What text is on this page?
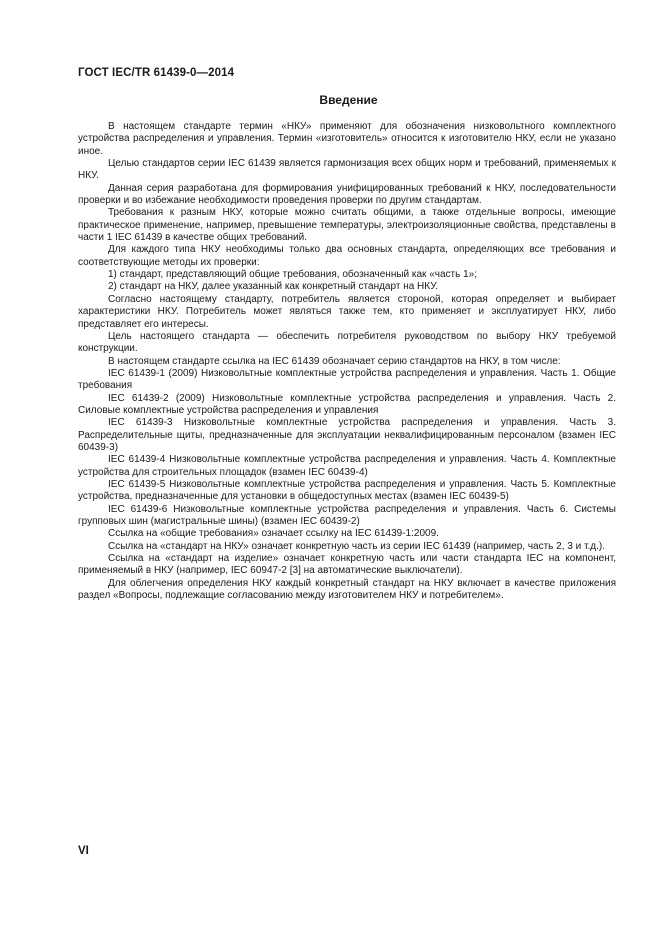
ГОСТ IEC/TR 61439-0—2014
Введение

В настоящем стандарте термин «НКУ» применяют для обозначения низковольтного комплектного устройства распределения и управления. Термин «изготовитель» относится к изготовителю НКУ, если не указано иное.

Целью стандартов серии IEC 61439 является гармонизация всех общих норм и требований, применяемых к НКУ.

Данная серия разработана для формирования унифицированных требований к НКУ, последовательности проверки и во избежание необходимости проведения проверки по другим стандартам.

Требования к разным НКУ, которые можно считать общими, а также отдельные вопросы, имеющие практическое применение, например, превышение температуры, электроизоляционные свойства, представлены в части 1 IEC 61439 в качестве общих требований.

Для каждого типа НКУ необходимы только два основных стандарта, определяющих все требования и соответствующие методы их проверки:

1) стандарт, представляющий общие требования, обозначенный как «часть 1»;

2) стандарт на НКУ, далее указанный как конкретный стандарт на НКУ.

Согласно настоящему стандарту, потребитель является стороной, которая определяет и выбирает характеристики НКУ. Потребитель может являться также тем, кто применяет и эксплуатирует НКУ, либо представляет его интересы.

Цель настоящего стандарта — обеспечить потребителя руководством по выбору НКУ требуемой конструкции.

В настоящем стандарте ссылка на IEC 61439 обозначает серию стандартов на НКУ, в том числе:

IEC 61439-1 (2009) Низковольтные комплектные устройства распределения и управления. Часть 1. Общие требования

IEC 61439-2 (2009) Низковольтные комплектные устройства распределения и управления. Часть 2. Силовые комплектные устройства распределения и управления

IEC 61439-3 Низковольтные комплектные устройства распределения и управления. Часть 3. Распределительные щиты, предназначенные для эксплуатации неквалифицированным персоналом (взамен IEC 60439-3)

IEC 61439-4 Низковольтные комплектные устройства распределения и управления. Часть 4. Комплектные устройства для строительных площадок (взамен IEC 60439-4)

IEC 61439-5 Низковольтные комплектные устройства распределения и управления. Часть 5. Комплектные устройства, предназначенные для установки в общедоступных местах (взамен IEC 60439-5)

IEC 61439-6 Низковольтные комплектные устройства распределения и управления. Часть 6. Системы групповых шин (магистральные шины) (взамен IEC 60439-2)

Ссылка на «общие требования» означает ссылку на IEC 61439-1:2009.

Ссылка на «стандарт на НКУ» означает конкретную часть из серии IEC 61439 (например, часть 2, 3 и т.д.).

Ссылка на «стандарт на изделие» означает конкретную часть или части стандарта IEC на компонент, применяемый в НКУ (например, IEC 60947-2 [3] на автоматические выключатели).

Для облегчения определения НКУ каждый конкретный стандарт на НКУ включает в качестве приложения раздел «Вопросы, подлежащие согласованию между изготовителем НКУ и потребителем».

VI
